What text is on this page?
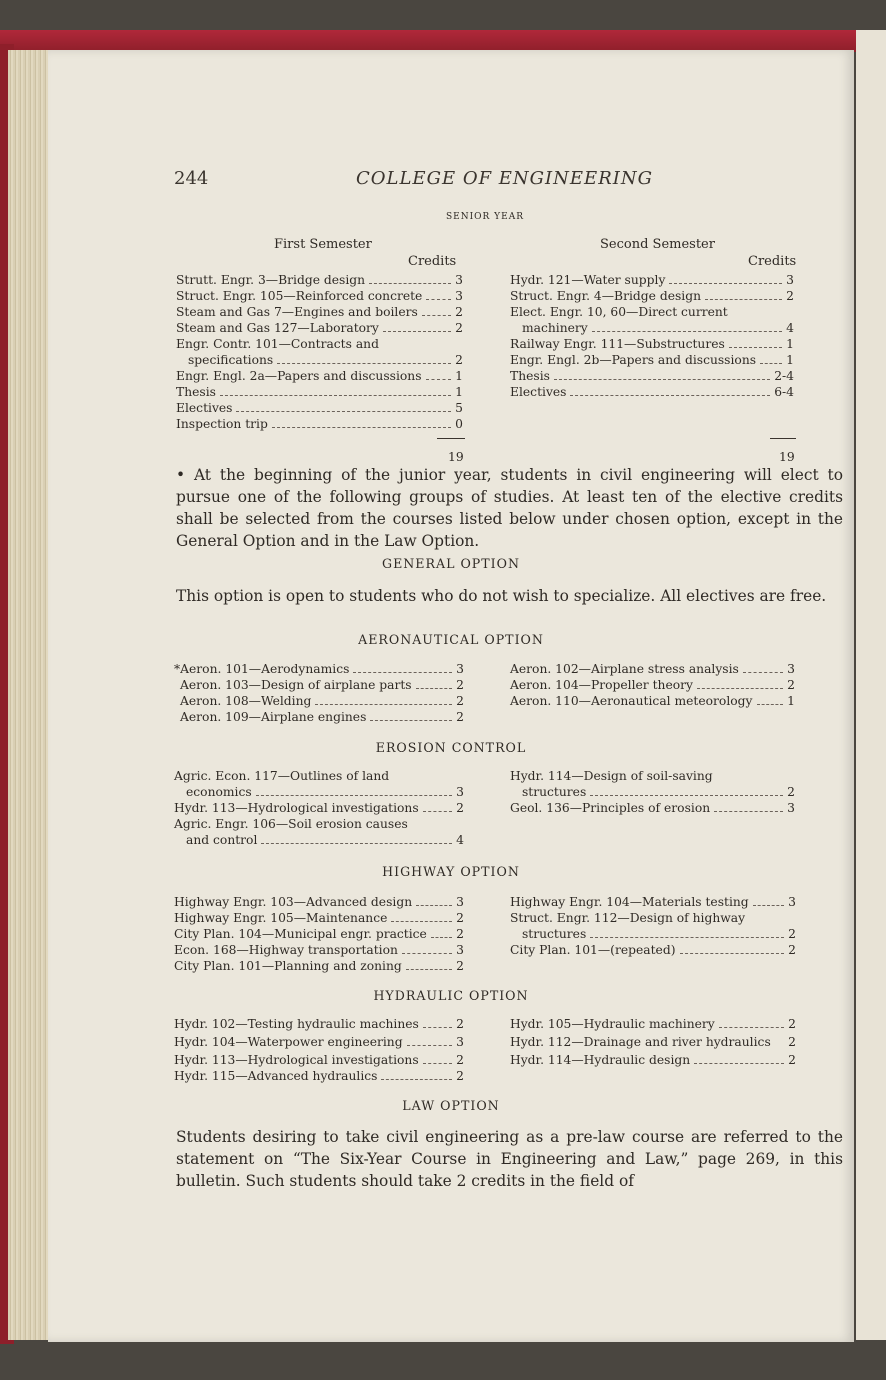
244	COLLEGE OF ENGINEERING
SENIOR YEAR
First Semester
Credits
Strutt. Engr. 3—Bridge design	3
Struct. Engr. 105—Reinforced concrete	3
Steam and Gas 7—Engines and boilers	2
Steam and Gas 127—Laboratory	2
Engr. Contr. 101—Contracts and
specifications	2
Engr. Engl. 2a—Papers and discussions	1
Thesis	1
Electives	5
Inspection trip	0
19
Second Semester
Credits
Hydr. 121—Water supply	3
Struct. Engr. 4—Bridge design	2
Elect. Engr. 10, 60—Direct current
machinery	4
Railway Engr. 111—Substructures	1
Engr. Engl. 2b—Papers and discussions 1
Thesis	2-4
Electives	6-4
19
• At the beginning of the junior year, students in civil engineering will elect to pursue one of the following groups of studies. At least ten of the elective credits shall be selected from the courses listed below under chosen option, except in the General Option and in the Law Option.
GENERAL OPTION
This option is open to students who do not wish to specialize. All electives are free.
AERONAUTICAL OPTION
*Aeron. 101—Aerodynamics	3
Aeron. 103—Design of airplane parts	2
Aeron. 108—Welding	2
Aeron. 109—Airplane engines	2
Aeron. 102—Airplane stress analysis	3
Aeron. 104—Propeller theory	2
Aeron. 110—Aeronautical meteorology	1
EROSION CONTROL
Agric. Econ. 117—Outlines of land
economics	3
Hydr. 113—Hydrological investigations	2
Agric. Engr. 106—Soil erosion causes
and control	4
Hydr. 114—Design of soil-saving
structures	2
Geol. 136—Principles of erosion	3
HIGHWAY OPTION
Highway Engr. 103—Advanced design	3
Highway Engr. 105—Maintenance	2
City Plan. 104—Municipal engr. practice 2
Econ. 168—Highway transportation	3
City Plan. 101—Planning and zoning	2
Highway Engr. 104—Materials testing	3
Struct. Engr. 112—Design of highway
structures	2
City Plan. 101—(repeated)	2
HYDRAULIC OPTION
Hydr. 102—Testing hydraulic machines	2
Hydr. 104—Waterpower engineering	3
Hydr. 113—Hydrological investigations	2
Hydr. 115—Advanced hydraulics	2
Hydr. 105—Hydraulic machinery	2
Hydr. 112—Drainage and river hydraulics 2
Hydr. 114—Hydraulic design	2
LAW OPTION
Students desiring to take civil engineering as a pre-law course are referred to the statement on “The Six-Year Course in Engineering and Law,” page 269, in this bulletin. Such students should take 2 credits in the field of
